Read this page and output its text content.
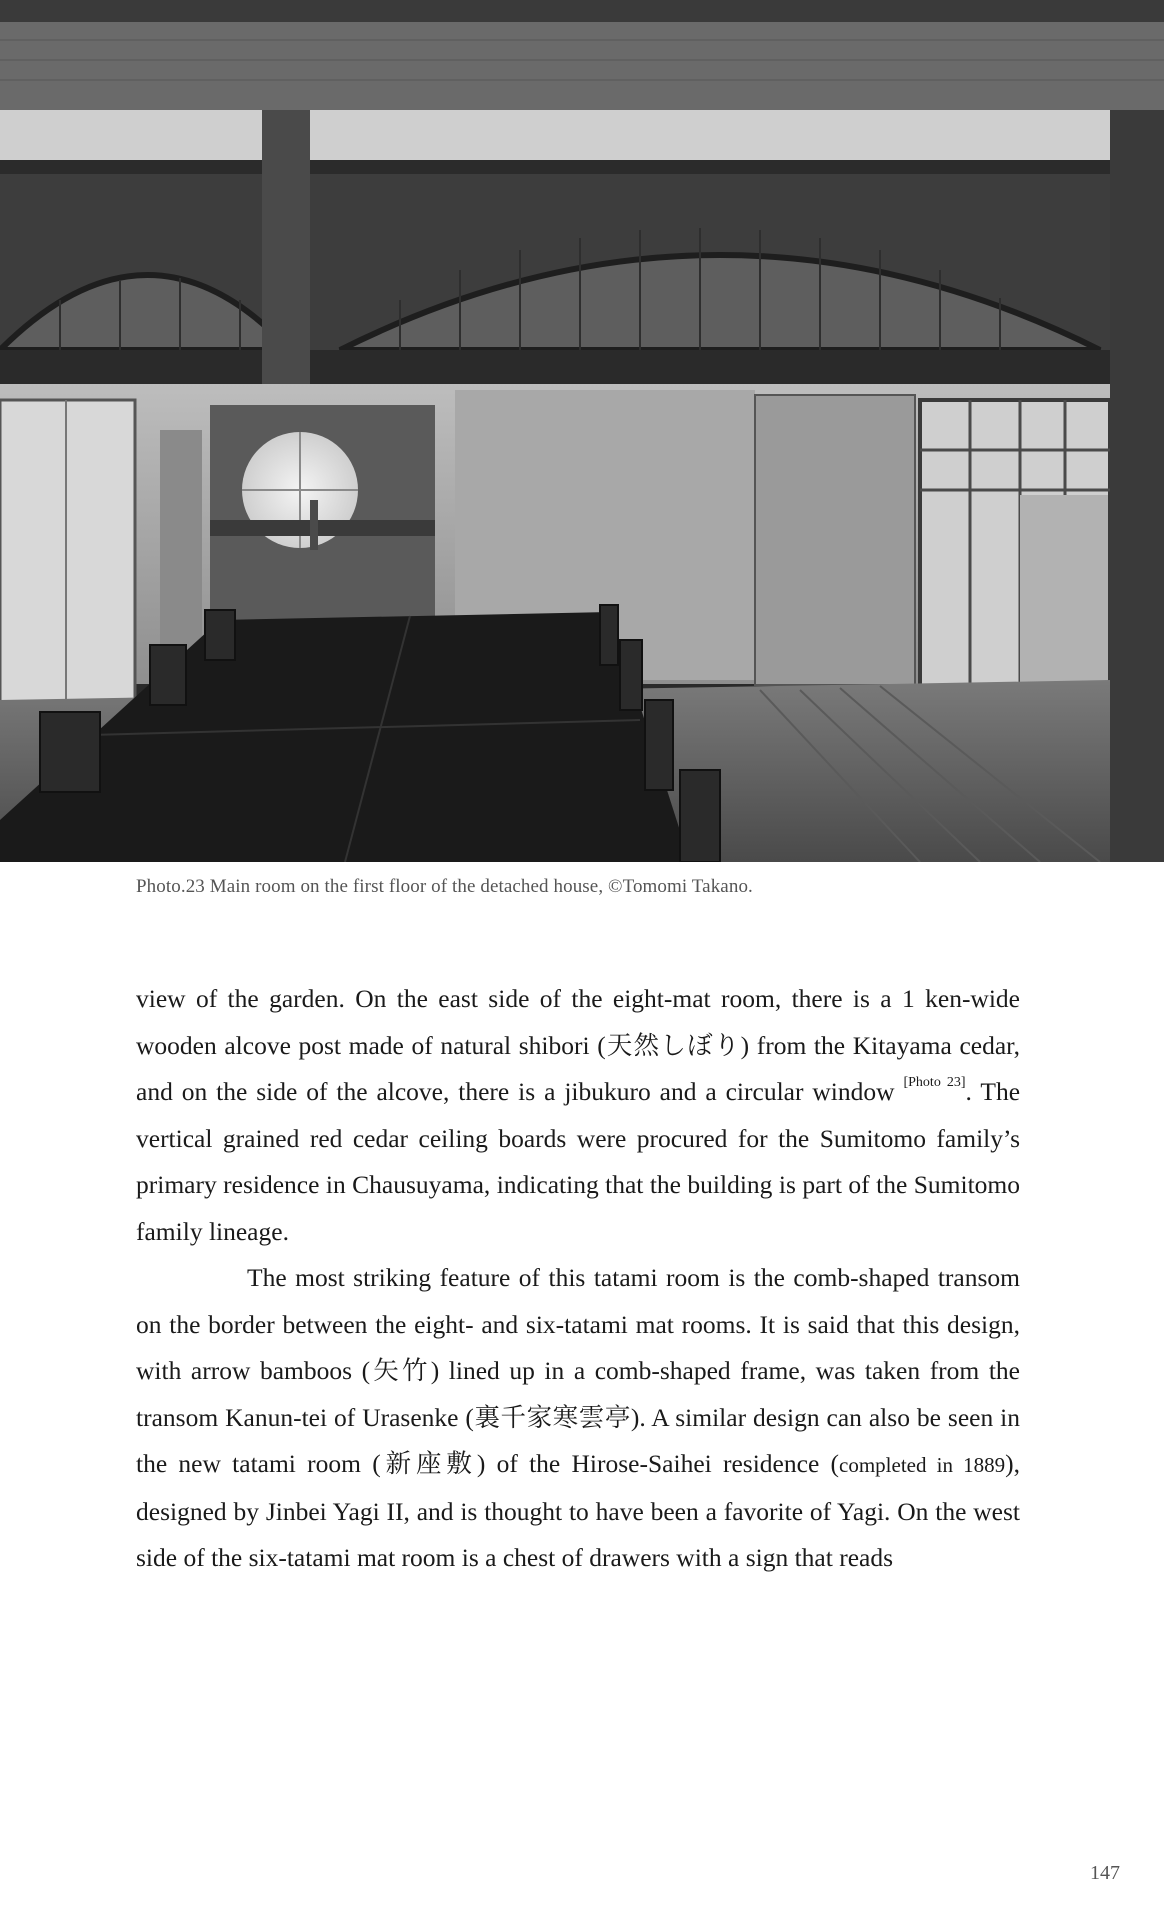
Photo.23 Main room on the first floor of the detached house, ©Tomomi Takano.

view of the garden. On the east side of the eight-mat room, there is a 1 ken-wide wooden alcove post made of natural shibori (天然しぼり) from the Kitayama cedar, and on the side of the alcove, there is a jibukuro and a circular window [Photo 23]. The vertical grained red cedar ceiling boards were procured for the Sumitomo family’s primary residence in Chausuyama, indicating that the building is part of the Sumitomo family lineage.

The most striking feature of this tatami room is the comb-shaped transom on the border between the eight- and six-tatami mat rooms. It is said that this design, with arrow bamboos (矢竹) lined up in a comb-shaped frame, was taken from the transom Kanun-tei of Urasenke (裏千家寒雲亭). A similar design can also be seen in the new tatami room (新座敷) of the Hirose-Saihei residence (completed in 1889), designed by Jinbei Yagi II, and is thought to have been a favorite of Yagi. On the west side of the six-tatami mat room is a chest of drawers with a sign that reads

147
